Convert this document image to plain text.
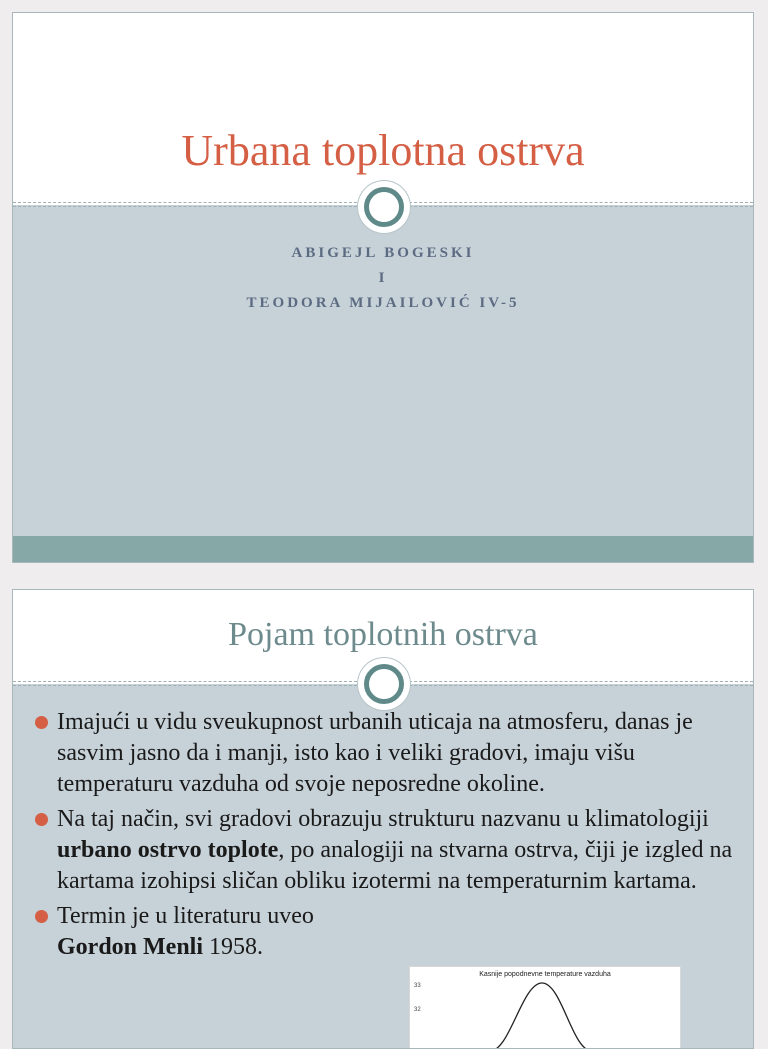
Urbana toplotna ostrva
ABIGEJL BOGESKI
I
TEODORA MIJAILOVIĆ IV-5
Pojam toplotnih ostrva
Imajući u vidu sveukupnost urbanih uticaja na atmosferu, danas je sasvim jasno da i manji, isto kao i veliki gradovi, imaju višu temperaturu vazduha od svoje neposredne okoline.
Na taj način, svi gradovi obrazuju strukturu nazvanu u klimatologiji urbano ostrvo toplote, po analogiji na stvarna ostrva, čiji je izgled na kartama izohipsi sličan obliku izotermi na temperaturnim kartama.
Termin je u literaturu uveo Gordon Menli 1958.
Kasnije popodnevne temperature vazduha
33
32
